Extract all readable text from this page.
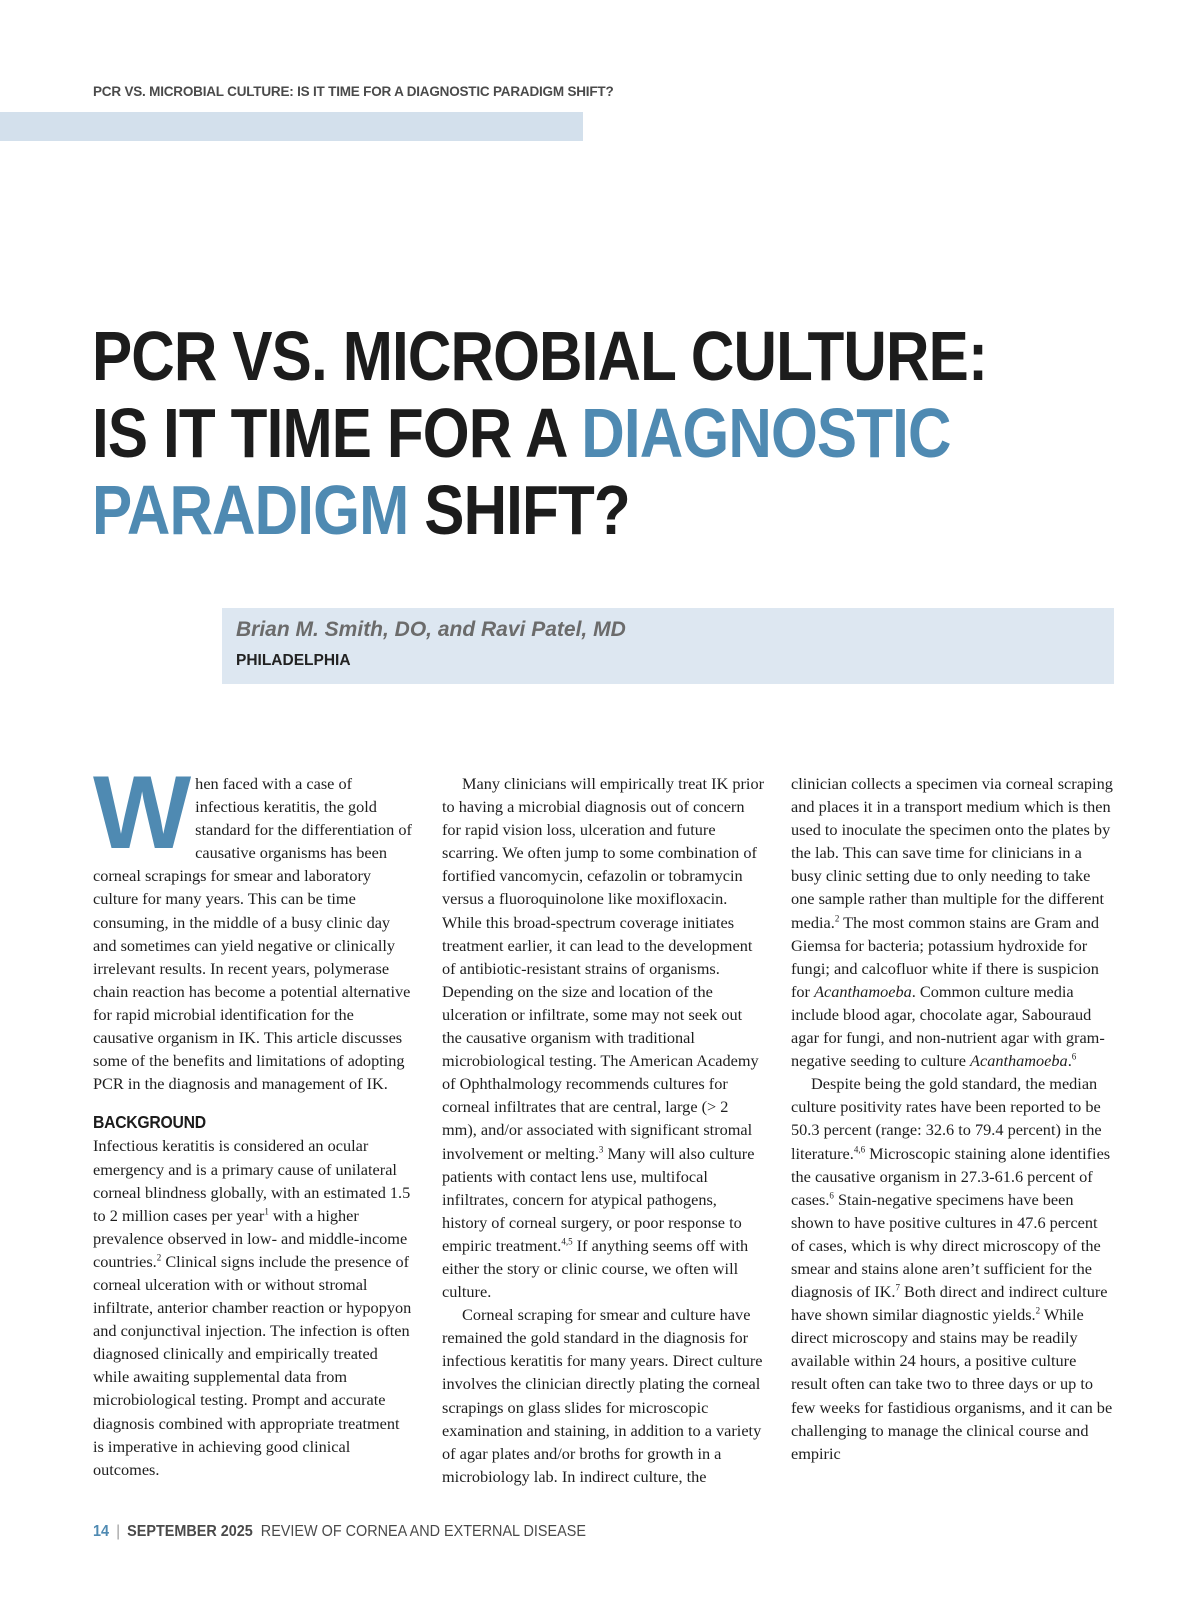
PCR VS. MICROBIAL CULTURE: IS IT TIME FOR A DIAGNOSTIC PARADIGM SHIFT?
PCR VS. MICROBIAL CULTURE:
IS IT TIME FOR A DIAGNOSTIC
PARADIGM SHIFT?
Brian M. Smith, DO, and Ravi Patel, MD
PHILADELPHIA

When faced with a case of infectious keratitis, the gold standard for the differentiation of causative organisms has been corneal scrapings for smear and laboratory culture for many years. This can be time consuming, in the middle of a busy clinic day and sometimes can yield negative or clinically irrelevant results. In recent years, polymerase chain reaction has become a potential alternative for rapid microbial identification for the causative organism in IK. This article discusses some of the benefits and limitations of adopting PCR in the diagnosis and management of IK.

BACKGROUND

Infectious keratitis is considered an ocular emergency and is a primary cause of unilateral corneal blindness globally, with an estimated 1.5 to 2 million cases per year$^1$ with a higher prevalence observed in low- and middle-income countries.$^2$ Clinical signs include the presence of corneal ulceration with or without stromal infiltrate, anterior chamber reaction or hypopyon and conjunctival injection. The infection is often diagnosed clinically and empirically treated while awaiting supplemental data from microbiological testing. Prompt and accurate diagnosis combined with appropriate treatment is imperative in achieving good clinical outcomes.

Many clinicians will empirically treat IK prior to having a microbial diagnosis out of concern for rapid vision loss, ulceration and future scarring. We often jump to some combination of fortified vancomycin, cefazolin or tobramycin versus a fluoroquinolone like moxifloxacin. While this broad-spectrum coverage initiates treatment earlier, it can lead to the development of antibiotic-resistant strains of organisms. Depending on the size and location of the ulceration or infiltrate, some may not seek out the causative organism with traditional microbiological testing. The American Academy of Ophthalmology recommends cultures for corneal infiltrates that are central, large (> 2 mm), and/or associated with significant stromal involvement or melting.$^3$ Many will also culture patients with contact lens use, multifocal infiltrates, concern for atypical pathogens, history of corneal surgery, or poor response to empiric treatment.$^{4,5}$ If anything seems off with either the story or clinic course, we often will culture.

Corneal scraping for smear and culture have remained the gold standard in the diagnosis for infectious keratitis for many years. Direct culture involves the clinician directly plating the corneal scrapings on glass slides for microscopic examination and staining, in addition to a variety of agar plates and/or broths for growth in a microbiology lab. In indirect culture, the

clinician collects a specimen via corneal scraping and places it in a transport medium which is then used to inoculate the specimen onto the plates by the lab. This can save time for clinicians in a busy clinic setting due to only needing to take one sample rather than multiple for the different media.$^2$ The most common stains are Gram and Giemsa for bacteria; potassium hydroxide for fungi; and calcofluor white if there is suspicion for Acanthamoeba. Common culture media include blood agar, chocolate agar, Sabouraud agar for fungi, and non-nutrient agar with gram-negative seeding to culture Acanthamoeba.$^6$

Despite being the gold standard, the median culture positivity rates have been reported to be 50.3 percent (range: 32.6 to 79.4 percent) in the literature.$^{4,6}$ Microscopic staining alone identifies the causative organism in 27.3-61.6 percent of cases.$^6$ Stain-negative specimens have been shown to have positive cultures in 47.6 percent of cases, which is why direct microscopy of the smear and stains alone aren’t sufficient for the diagnosis of IK.$^7$ Both direct and indirect culture have shown similar diagnostic yields.$^2$ While direct microscopy and stains may be readily available within 24 hours, a positive culture result often can take two to three days or up to few weeks for fastidious organisms, and it can be challenging to manage the clinical course and empiric

14 | SEPTEMBER 2025 REVIEW OF CORNEA AND EXTERNAL DISEASE
